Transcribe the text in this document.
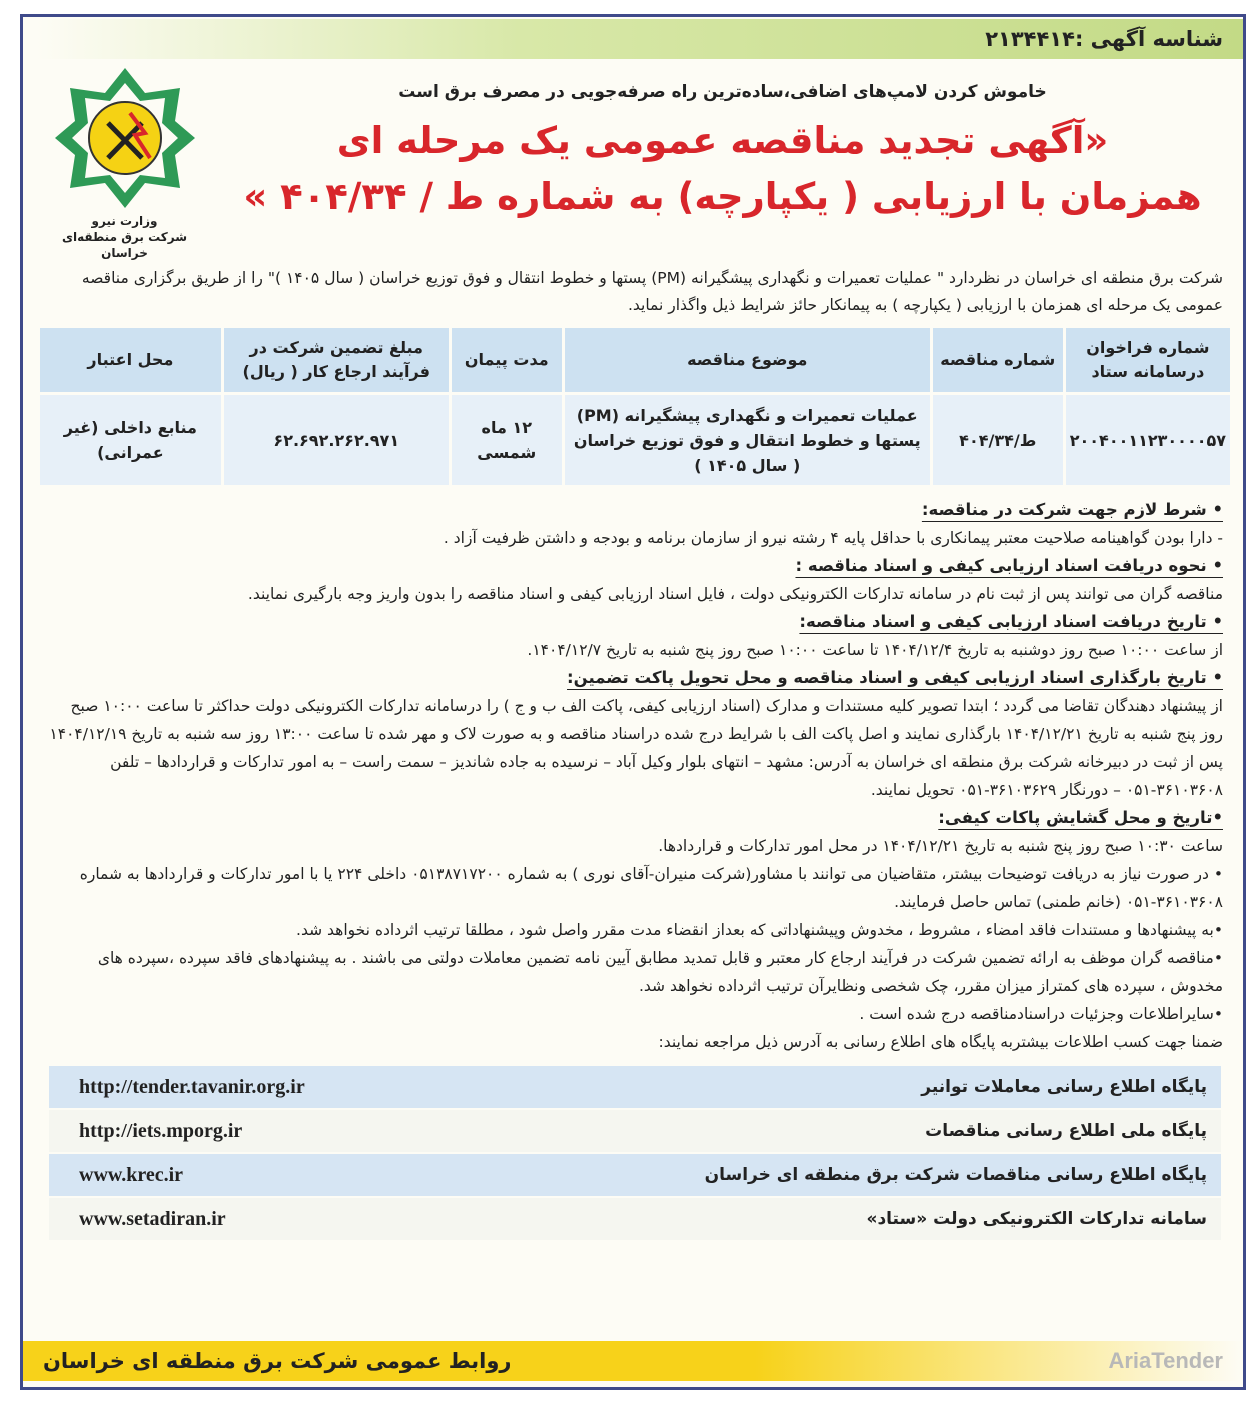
شناسه آگهی :۲۱۳۴۴۱۴
وزارت نیرو
شرکت برق منطقه‌ای خراسان
خاموش کردن لامپ‌های اضافی،ساده‌ترین راه صرفه‌جویی در مصرف برق است
«آگهی تجدید مناقصه عمومی یک مرحله ای
همزمان با ارزیابی ( یکپارچه) به شماره ط / ۴۰۴/۳۴ »
شرکت برق منطقه ای خراسان در نظردارد " عملیات تعمیرات و نگهداری پیشگیرانه (PM) پستها و خطوط انتقال و فوق توزیع خراسان ( سال ۱۴۰۵ )" را از طریق برگزاری مناقصه عمومی یک مرحله ای همزمان با ارزیابی ( یکپارچه ) به پیمانکار حائز شرایط ذیل واگذار نماید.
شماره فراخوان درسامانه ستاد	شماره مناقصه	موضوع مناقصه	مدت پیمان	مبلغ تضمین شرکت در فرآیند ارجاع کار ( ریال)	محل اعتبار
۲۰۰۴۰۰۱۱۲۳۰۰۰۰۵۷	ط/۴۰۴/۳۴	عملیات تعمیرات و نگهداری پیشگیرانه (PM) پستها و خطوط انتقال و فوق توزیع خراسان ( سال ۱۴۰۵ )	۱۲ ماه شمسی	۶۲.۶۹۲.۲۶۲.۹۷۱	منابع داخلی (غیر عمرانی)
• شرط لازم جهت شرکت در مناقصه:
- دارا بودن گواهینامه صلاحیت معتبر پیمانکاری با حداقل پایه ۴ رشته نیرو از سازمان برنامه و بودجه و داشتن ظرفیت آزاد .
• نحوه دریافت اسناد ارزیابی کیفی و اسناد مناقصه :
مناقصه گران می توانند پس از ثبت نام در سامانه تدارکات الکترونیکی دولت ، فایل اسناد ارزیابی کیفی و اسناد مناقصه را بدون واریز وجه بارگیری نمایند.
• تاریخ دریافت اسناد ارزیابی کیفی و اسناد مناقصه:
از ساعت ۱۰:۰۰ صبح روز دوشنبه به تاریخ ۱۴۰۴/۱۲/۴ تا ساعت ۱۰:۰۰ صبح روز پنج شنبه به تاریخ ۱۴۰۴/۱۲/۷.
• تاریخ بارگذاری اسناد ارزیابی کیفی و اسناد مناقصه و محل تحویل پاکت تضمین:
از پیشنهاد دهندگان تقاضا می گردد ؛ ابتدا تصویر کلیه مستندات و مدارک (اسناد ارزیابی کیفی، پاکت الف ب و ج ) را درسامانه تدارکات الکترونیکی دولت حداکثر تا ساعت ۱۰:۰۰ صبح روز پنج شنبه به تاریخ ۱۴۰۴/۱۲/۲۱ بارگذاری نمایند و اصل پاکت الف با شرایط درج شده دراسناد مناقصه و به صورت لاک و مهر شده تا ساعت ۱۳:۰۰ روز سه شنبه به تاریخ ۱۴۰۴/۱۲/۱۹ پس از ثبت در دبیرخانه شرکت برق منطقه ای خراسان به آدرس: مشهد – انتهای بلوار وکیل آباد – نرسیده به جاده شاندیز – سمت راست – به امور تدارکات و قراردادها – تلفن ۳۶۱۰۳۶۰۸-۰۵۱ – دورنگار ۳۶۱۰۳۶۲۹-۰۵۱ تحویل نمایند.
•تاریخ و محل گشایش پاکات کیفی:
ساعت ۱۰:۳۰ صبح روز پنج شنبه به تاریخ ۱۴۰۴/۱۲/۲۱ در محل امور تدارکات و قراردادها.
• در صورت نیاز به دریافت توضیحات بیشتر، متقاضیان می توانند با مشاور(شرکت منیران-آقای نوری ) به شماره ۰۵۱۳۸۷۱۷۲۰۰ داخلی ۲۲۴ یا با امور تدارکات و قراردادها به شماره ۳۶۱۰۳۶۰۸-۰۵۱ (خانم طمنی) تماس حاصل فرمایند.
•به پیشنهادها و مستندات فاقد امضاء ، مشروط ، مخدوش وپیشنهاداتی که بعداز انقضاء مدت مقرر واصل شود ، مطلقا ترتیب اثرداده نخواهد شد.
•مناقصه گران موظف به ارائه تضمین شرکت در فرآیند ارجاع کار معتبر و قابل تمدید مطابق آیین نامه تضمین معاملات دولتی می باشند . به پیشنهادهای فاقد سپرده ،سپرده های مخدوش ، سپرده های کمتراز میزان مقرر، چک شخصی ونظایرآن ترتیب اثرداده نخواهد شد.
•سایراطلاعات وجزئیات دراسنادمناقصه درج شده است .
ضمنا جهت کسب اطلاعات بیشتربه پایگاه های اطلاع رسانی به آدرس ذیل مراجعه نمایند:
پایگاه اطلاع رسانی معاملات توانیر
http://tender.tavanir.org.ir
پایگاه ملی اطلاع رسانی مناقصات
http://iets.mporg.ir
پایگاه اطلاع رسانی مناقصات شرکت برق منطقه ای خراسان
www.krec.ir
سامانه تدارکات الکترونیکی دولت «ستاد»
www.setadiran.ir
روابط عمومی شرکت برق منطقه ای خراسان	AriaTender
